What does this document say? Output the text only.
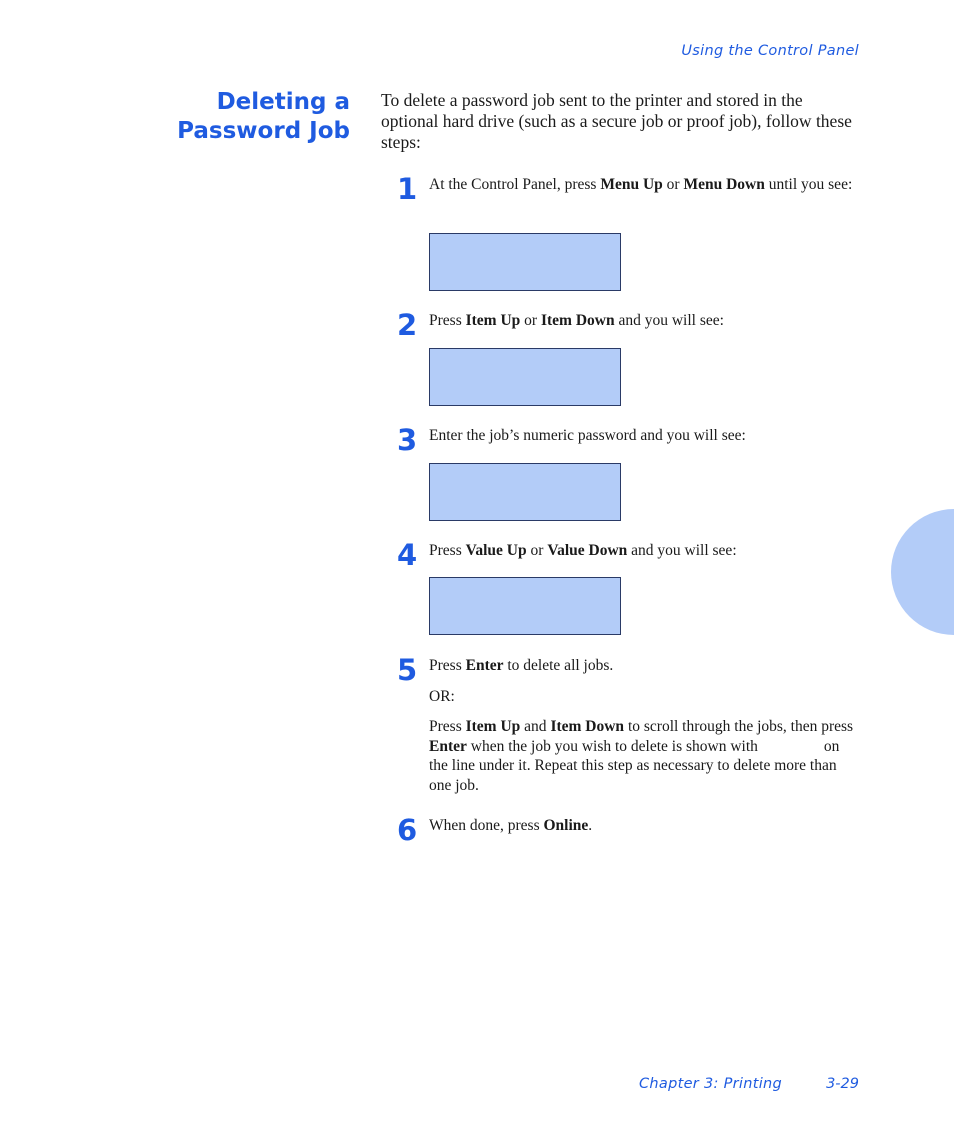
Using the Control Panel
Deleting a Password Job
To delete a password job sent to the printer and stored in the optional hard drive (such as a secure job or proof job), follow these steps:
1 At the Control Panel, press Menu Up or Menu Down until you see:
2 Press Item Up or Item Down and you will see:
3 Enter the job’s numeric password and you will see:
4 Press Value Up or Value Down and you will see:
5 Press Enter to delete all jobs.
OR:
Press Item Up and Item Down to scroll through the jobs, then press Enter when the job you wish to delete is shown with	on the line under it. Repeat this step as necessary to delete more than one job.
6 When done, press Online.
Chapter 3: Printing	3-29
